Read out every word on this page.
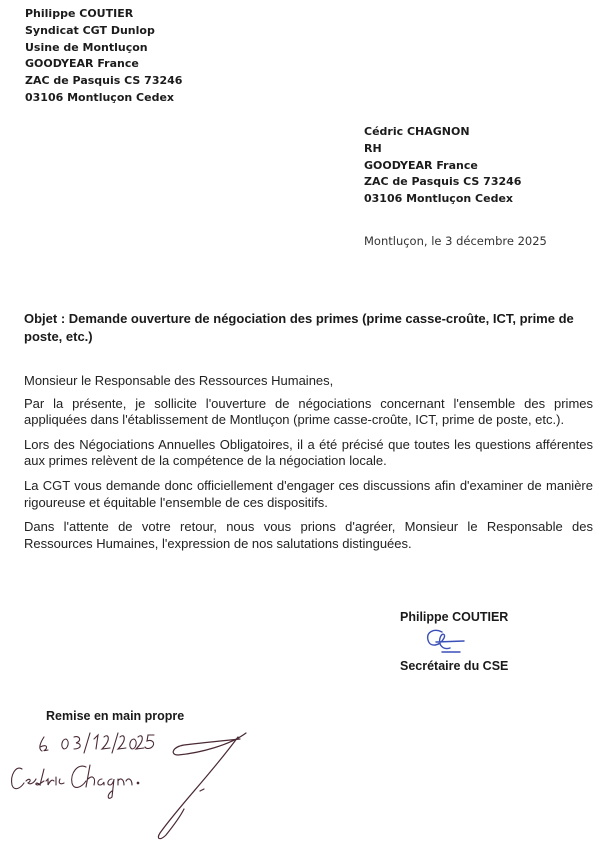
Philippe COUTIER
Syndicat CGT Dunlop
Usine de Montluçon
GOODYEAR France
ZAC de Pasquis CS 73246
03106 Montluçon Cedex
Cédric CHAGNON
RH
GOODYEAR France
ZAC de Pasquis CS 73246
03106 Montluçon Cedex
Montluçon, le 3 décembre 2025
Objet : Demande ouverture de négociation des primes (prime casse-croûte, ICT, prime de poste, etc.)

Monsieur le Responsable des Ressources Humaines,

Par la présente, je sollicite l'ouverture de négociations concernant l'ensemble des primes appliquées dans l'établissement de Montluçon (prime casse-croûte, ICT, prime de poste, etc.).

Lors des Négociations Annuelles Obligatoires, il a été précisé que toutes les questions afférentes aux primes relèvent de la compétence de la négociation locale.

La CGT vous demande donc officiellement d'engager ces discussions afin d'examiner de manière rigoureuse et équitable l'ensemble de ces dispositifs.

Dans l'attente de votre retour, nous vous prions d'agréer, Monsieur le Responsable des Ressources Humaines, l'expression de nos salutations distinguées.

Philippe COUTIER
Secrétaire du CSE
Remise en main propre
